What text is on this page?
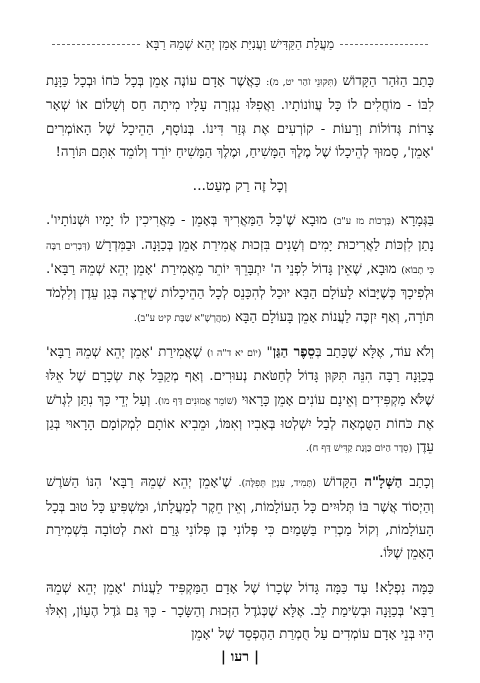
מַעֲלַת הַקַּדִּישׁ וַעֲנִיַּת אָמֵן יְהֵא שְׁמֵהּ רַבָּא

כָּתַב הַזֹּהַר הַקָּדוֹשׁ (תִּקּוּנֵי זֹהַר יט, מ): כַּאֲשֶׁר אָדָם עוֹנֶה אָמֵן בְּכָל כֹּחוֹ וּבְכָל כַּוָּנַת לִבּוֹ - מוֹחֲלִים לוֹ כָּל עֲווֹנוֹתָיו. וַאֲפִלּוּ נִגְזְרָה עָלָיו מִיתָה חַס וְשָׁלוֹם אוֹ שְׁאָר צָרוֹת גְּדוֹלוֹת וְרָעוֹת - קוֹרְעִים אֶת גְּזַר דִּינוֹ. בְּנוֹסָף, הַהֵיכָל שֶׁל הָאוֹמְרִים 'אָמֵן', סָמוּךְ לְהֵיכָלוֹ שֶׁל מֶלֶךְ הַמָּשִׁיחַ, וּמֶלֶךְ הַמָּשִׁיחַ יוֹרֵד וְלוֹמֵד אִתָּם תּוֹרָה!

וְכָל זֶה רַק מְעַט...

בַּגְּמָרָא (בְּרָכוֹת מז ע"ב) מוּבָא שֶׁ'כָּל הַמַּאֲרִיךְ בְּאָמֵן - מַאֲרִיכִין לוֹ יָמָיו וּשְׁנוֹתָיו'. נָתַן לִזְכּוֹת לַאֲרִיכוּת יָמִים וְשָׁנִים בִּזְכוּת אֲמִירַת אָמֵן בְּכַוָּנָה. וּבַמִּדְרָשׁ (דְּבָרִים רַבָּה כִּי תָבוֹא) מוּבָא, שֶׁאֵין גָּדוֹל לִפְנֵי ה' יִתְבָּרֵךְ יוֹתֵר מֵאֲמִירַת 'אָמֵן יְהֵא שְׁמֵהּ רַבָּא'. וּלְפִיכָךְ כְּשֶׁיָּבוֹא לָעוֹלָם הַבָּא יוּכַל לְהִכָּנֵס לְכָל הַהֵיכָלוֹת שֶׁיִּרְצֶה בְּגַן עֵדֶן וְלִלְמֹד תּוֹרָה, וְאַף יִזְכֶּה לַעֲנוֹת אָמֵן בָּעוֹלָם הַבָּא (מַהֲרְשָׁ"א שַׁבָּת קיט ע"ב).

וְלֹא עוֹד, אֶלָּא שֶׁכָּתַב בְּסֵפֶר הַגַּן" (יוֹם יא ד"ה ו) שֶׁאֲמִירַת 'אָמֵן יְהֵא שְׁמֵהּ רַבָּא' בְּכַוָּנָה רַבָּה הִנֵּה תִּקּוּן גָּדוֹל לְחַטֹּאת נְעוּרִים. וְאַף מְקַבֵּל אֶת שְׂכָרָם שֶׁל אֵלּוּ שֶׁלֹּא מַקְפִּידִים וְאֵינָם עוֹנִים אָמֵן כָּרָאוּי (שׁוֹמֵר אֱמוּנִים דַּף מו). וְעַל יְדֵי כָּךְ נִתַּן לִגְרֹשׁ אֶת כֹּחוֹת הַטֻּמְאָה לְבַל יִשְׁלְטוּ בְּאָבִיו וְאִמּוֹ, וּמֵבִיא אוֹתָם לִמְקוֹמָם הָרָאוּי בְּגַן עֵדֶן (סֵדֶר הַיּוֹם כַּוָּנַת קַדִּישׁ דַּף ח).

וְכָתַב הַשְּׁלָ"ה הַקָּדוֹשׁ (תָּמִיד, עִנְיַן תְּפִלָּה). שֶׁ'אָמֵן יְהֵא שְׁמֵהּ רַבָּא' הִנּוֹ הַשֹּׁרֶשׁ וְהַיְסוֹד אֲשֶׁר בּוֹ תְּלוּיִים כָּל הָעוֹלָמוֹת, וְאֵין חֵקֶר לְמַעֲלָתוֹ, וּמַשְׁפִּיעַ כָּל טוּב בְּכָל הָעוֹלָמוֹת, וְקוֹל מַכְרִיז בַּשָּׁמַיִם כִּי פְּלוֹנִי בֶּן פְּלוֹנִי גָּרַם זֹאת לְטוֹבָה בִּשְׁמִירַת הָאָמֵן שֶׁלּוֹ.

כַּמָּה נִפְלָא! עַד כַּמָּה גָּדוֹל שְׂכָרוֹ שֶׁל אָדָם הַמַּקְפִּיד לַעֲנוֹת 'אָמֵן יְהֵא שְׁמֵהּ רַבָּא' בְּכַוָּנָה וּבְשִׂימַת לֵב. אֶלָּא שֶׁכְּגֹדֶל הַזְּכוּת וְהַשָּׂכָר - כָּךְ גַּם גֹּדֶל הֶעָוֹן, וְאִלּוּ הָיוּ בְּנֵי אָדָם עוֹמְדִים עַל חֻמְרַת הַהֶפְסֵד שֶׁל 'אָמֵן

| רעו |
